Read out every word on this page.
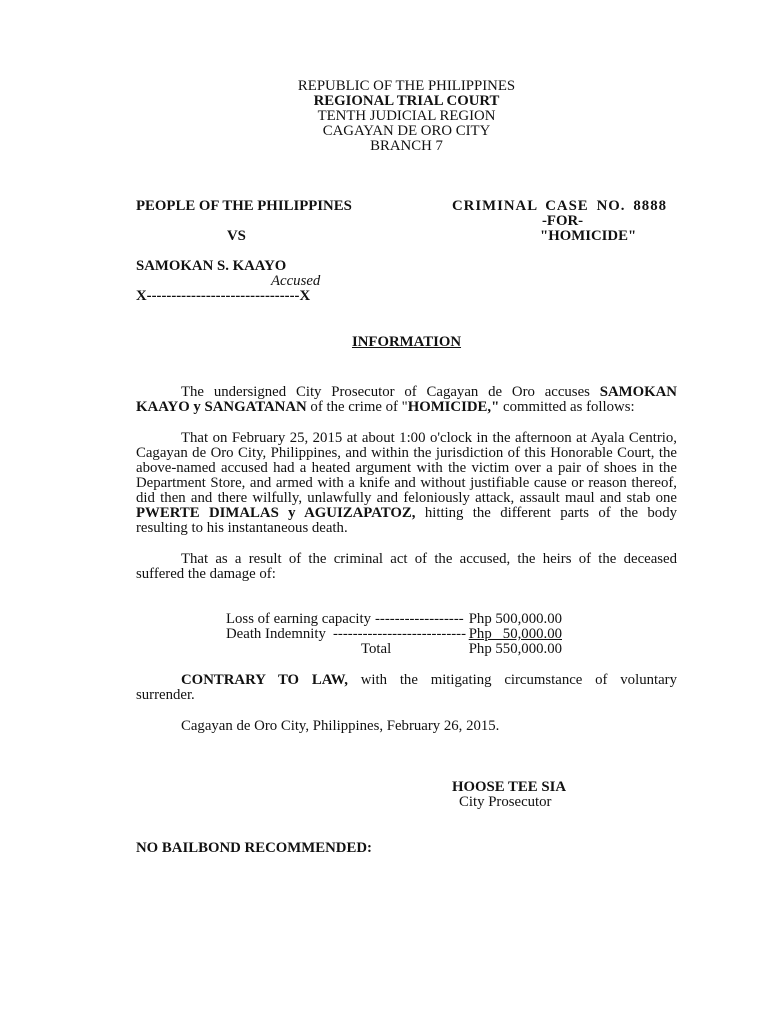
REPUBLIC OF THE PHILIPPINES
REGIONAL TRIAL COURT
TENTH JUDICIAL REGION
CAGAYAN DE ORO CITY
BRANCH 7
PEOPLE OF THE PHILIPPINES	CRIMINAL CASE NO. 8888
-FOR-
VS	"HOMICIDE"
SAMOKAN S. KAAYO
Accused
X-------------------------------X
INFORMATION
The undersigned City Prosecutor of Cagayan de Oro accuses SAMOKAN
KAAYO y SANGATANAN of the crime of "HOMICIDE," committed as follows:
That on February 25, 2015 at about 1:00 o'clock in the afternoon at Ayala Centrio,
Cagayan de Oro City, Philippines, and within the jurisdiction of this Honorable Court, the
above-named accused had a heated argument with the victim over a pair of shoes in the
Department Store, and armed with a knife and without justifiable cause or reason thereof,
did then and there wilfully, unlawfully and feloniously attack, assault maul and stab one
PWERTE DIMALAS y AGUIZAPATOZ, hitting the different parts of the body
resulting to his instantaneous death.
That as a result of the criminal act of the accused, the heirs of the deceased
suffered the damage of:
Loss of earning capacity ------------------ Php 500,000.00
Death Indemnity --------------------------- Php   50,000.00
Total	Php 550,000.00
CONTRARY TO LAW, with the mitigating circumstance of voluntary
surrender.
Cagayan de Oro City, Philippines, February 26, 2015.
HOOSE TEE SIA
City Prosecutor
NO BAILBOND RECOMMENDED:
